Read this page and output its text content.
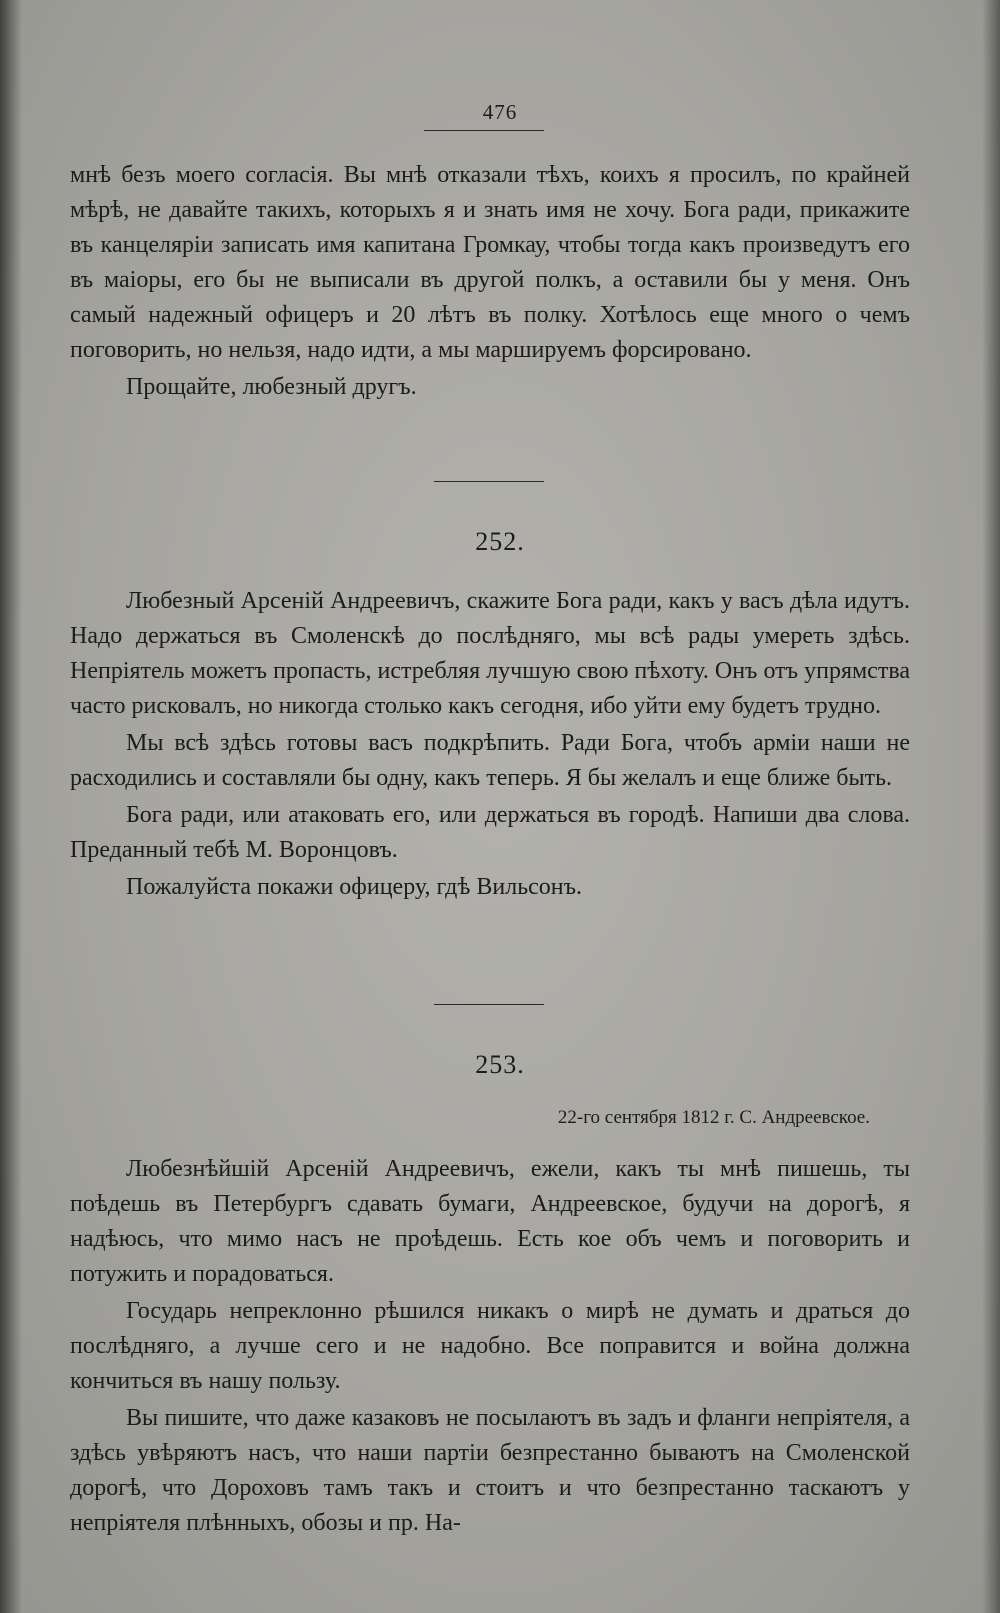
476

мнѣ безъ моего согласія. Вы мнѣ отказали тѣхъ, коихъ я просилъ, по крайней мѣрѣ, не давайте такихъ, которыхъ я и знать имя не хочу. Бога ради, прикажите въ канцеляріи записать имя капитана Громкау, чтобы тогда какъ произведутъ его въ маіоры, его бы не выписали въ другой полкъ, а оставили бы у меня. Онъ самый надежный офицеръ и 20 лѣтъ въ полку. Хотѣлось еще много о чемъ поговорить, но нельзя, надо идти, а мы маршируемъ форсировано.

Прощайте, любезный другъ.

252.

Любезный Арсеній Андреевичъ, скажите Бога ради, какъ у васъ дѣла идутъ. Надо держаться въ Смоленскѣ до послѣдняго, мы всѣ рады умереть здѣсь. Непріятель можетъ пропасть, истребляя лучшую свою пѣхоту. Онъ отъ упрямства часто рисковалъ, но никогда столько какъ сегодня, ибо уйти ему будетъ трудно.

Мы всѣ здѣсь готовы васъ подкрѣпить. Ради Бога, чтобъ арміи наши не расходились и составляли бы одну, какъ теперь. Я бы желалъ и еще ближе быть.

Бога ради, или атаковать его, или держаться въ городѣ. Напиши два слова. Преданный тебѣ М. Воронцовъ.

Пожалуйста покажи офицеру, гдѣ Вильсонъ.

253.
22-го сентября 1812 г. С. Андреевское.

Любезнѣйшій Арсеній Андреевичъ, ежели, какъ ты мнѣ пишешь, ты поѣдешь въ Петербургъ сдавать бумаги, Андреевское, будучи на дорогѣ, я надѣюсь, что мимо насъ не проѣдешь. Есть кое объ чемъ и поговорить и потужить и порадоваться.

Государь непреклонно рѣшился никакъ о мирѣ не думать и драться до послѣдняго, а лучше сего и не надобно. Все поправится и война должна кончиться въ нашу пользу.

Вы пишите, что даже казаковъ не посылаютъ въ задъ и фланги непріятеля, а здѣсь увѣряютъ насъ, что наши партіи безпрестанно бываютъ на Смоленской дорогѣ, что Дороховъ тамъ такъ и стоитъ и что безпрестанно таскаютъ у непріятеля плѣнныхъ, обозы и пр. На-
